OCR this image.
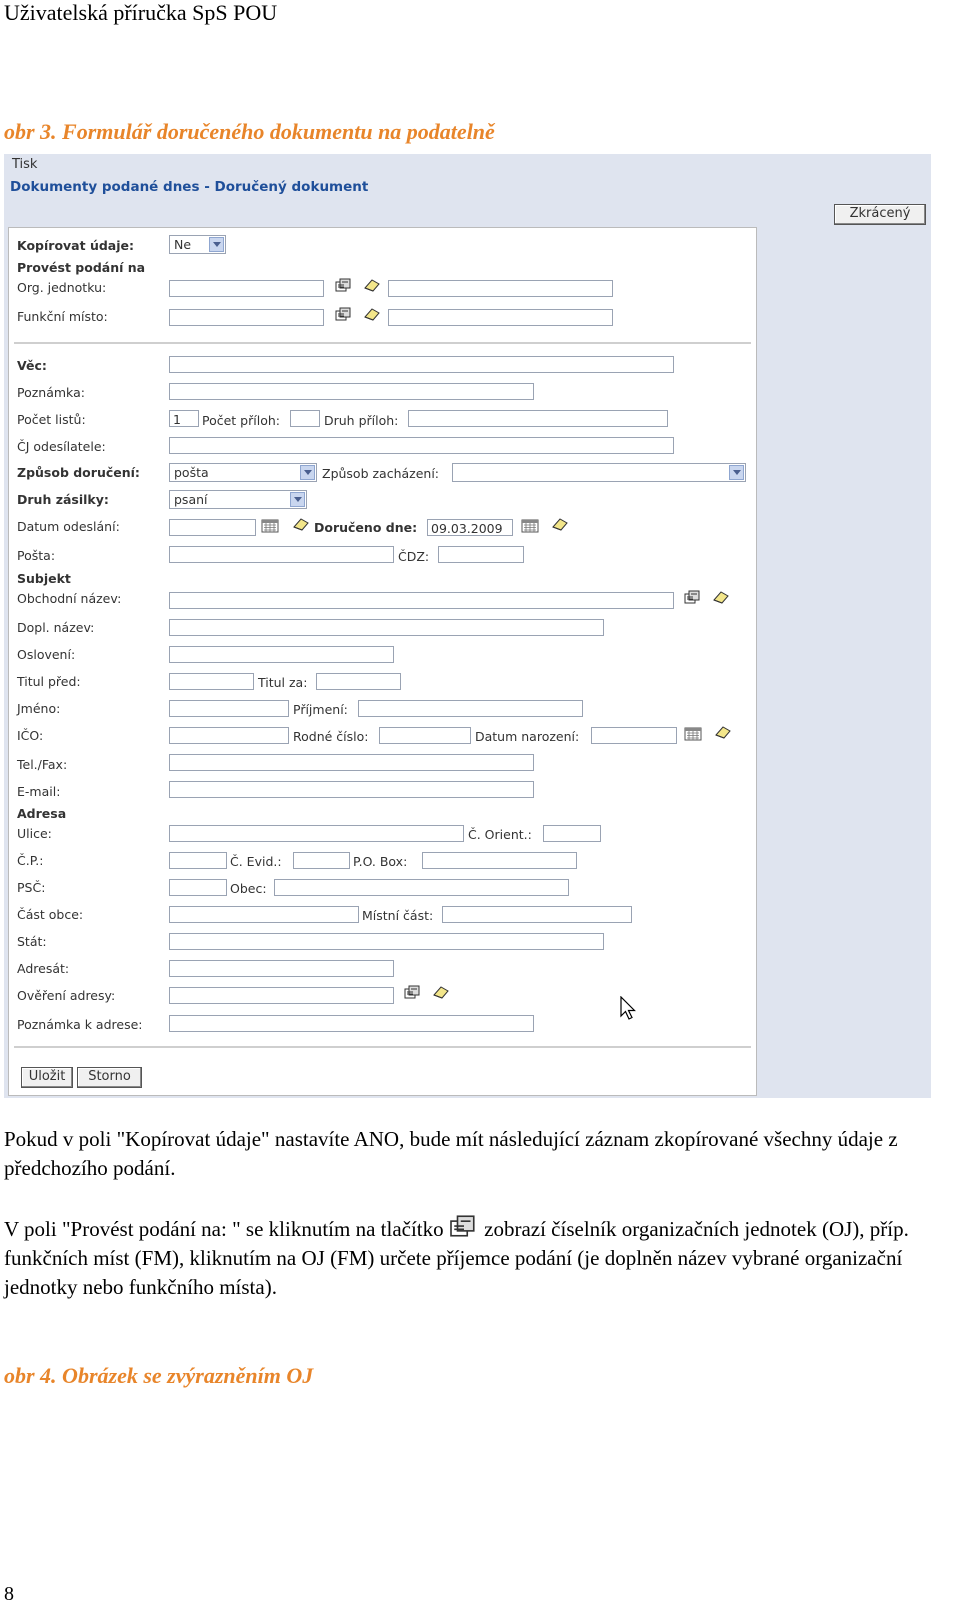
Uživatelská příručka SpS POU
obr 3. Formulář doručeného dokumentu na podatelně
Tisk
Dokumenty podané dnes - Doručený dokument
Zkrácený
Kopírovat údaje:	Ne
Provést podání na
Org. jednotku:
Funkční místo:
Věc:
Poznámka:
Počet listů:	1	Počet příloh:	Druh příloh:
ČJ odesílatele:
Způsob doručení:	pošta	Způsob zacházení:
Druh zásilky:	psaní
Datum odeslání:	Doručeno dne:	09.03.2009
Pošta:	ČDZ:
Subjekt
Obchodní název:
Dopl. název:
Oslovení:
Titul před:	Titul za:
Jméno:	Příjmení:
IČO:	Rodné číslo:	Datum narození:
Tel./Fax:
E-mail:
Adresa
Ulice:	Č. Orient.:
Č.P.:	Č. Evid.:	P.O. Box:
PSČ:	Obec:
Část obce:	Místní část:
Stát:
Adresát:
Ověření adresy:
Poznámka k adrese:
Uložit	Storno
Pokud v poli "Kopírovat údaje" nastavíte ANO, bude mít následující záznam zkopírované všechny údaje z předchozího podání.
V poli "Provést podání na: " se kliknutím na tlačítko  zobrazí číselník organizačních jednotek (OJ), příp. funkčních míst (FM), kliknutím na OJ (FM) určete příjemce podání (je doplněn název vybrané organizační jednotky nebo funkčního místa).
obr 4. Obrázek se zvýrazněním OJ
8
